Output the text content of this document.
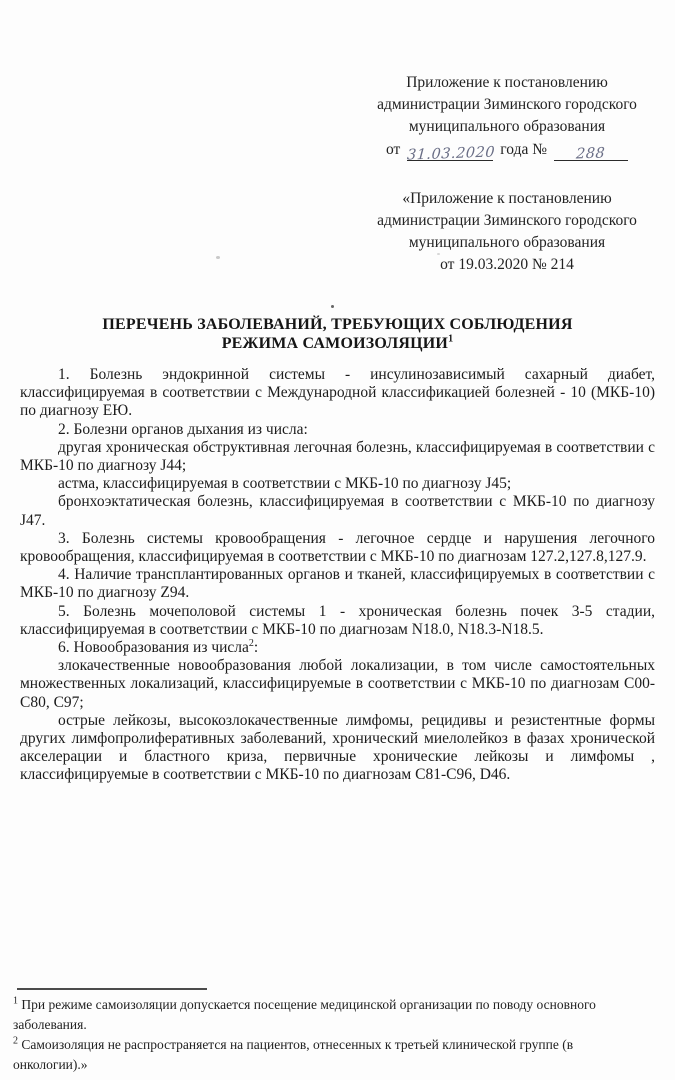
Приложение к постановлению
администрации Зиминского городского
муниципального образования
от 31.03.2020 года №	288
«Приложение к постановлению
администрации Зиминского городского
муниципального образования
от 19.03.2020 № 214
ПЕРЕЧЕНЬ ЗАБОЛЕВАНИЙ, ТРЕБУЮЩИХ СОБЛЮДЕНИЯ
РЕЖИМА САМОИЗОЛЯЦИИ$^1$

1. Болезнь эндокринной системы - инсулинозависимый сахарный диабет, классифицируемая в соответствии с Международной классификацией болезней - 10 (МКБ-10) по диагнозу ЕЮ.

2. Болезни органов дыхания из числа:

другая хроническая обструктивная легочная болезнь, классифицируемая в соответствии с МКБ-10 по диагнозу J44;

астма, классифицируемая в соответствии с МКБ-10 по диагнозу J45;

бронхоэктатическая болезнь, классифицируемая в соответствии с МКБ-10 по диагнозу J47.

3. Болезнь системы кровообращения - легочное сердце и нарушения легочного кровообращения, классифицируемая в соответствии с МКБ-10 по диагнозам 127.2,127.8,127.9.

4. Наличие трансплантированных органов и тканей, классифицируемых в соответствии с МКБ-10 по диагнозу Z94.

5. Болезнь мочеполовой системы 1 - хроническая болезнь почек 3-5 стадии, классифицируемая в соответствии с МКБ-10 по диагнозам N18.0, N18.3-N18.5.

6. Новообразования из числа$^2$:

злокачественные новообразования любой локализации, в том числе самостоятельных множественных локализаций, классифицируемые в соответствии с МКБ-10 по диагнозам С00-С80, С97;

острые лейкозы, высокозлокачественные лимфомы, рецидивы и резистентные формы других лимфопролиферативных заболеваний, хронический миелолейкоз в фазах хронической акселерации и бластного криза, первичные хронические лейкозы и лимфомы , классифицируемые в соответствии с МКБ-10 по диагнозам С81-С96, D46.

$^1$ При режиме самоизоляции допускается посещение медицинской организации по поводу основного заболевания.

$^2$ Самоизоляция не распространяется на пациентов, отнесенных к третьей клинической группе (в онкологии).»
